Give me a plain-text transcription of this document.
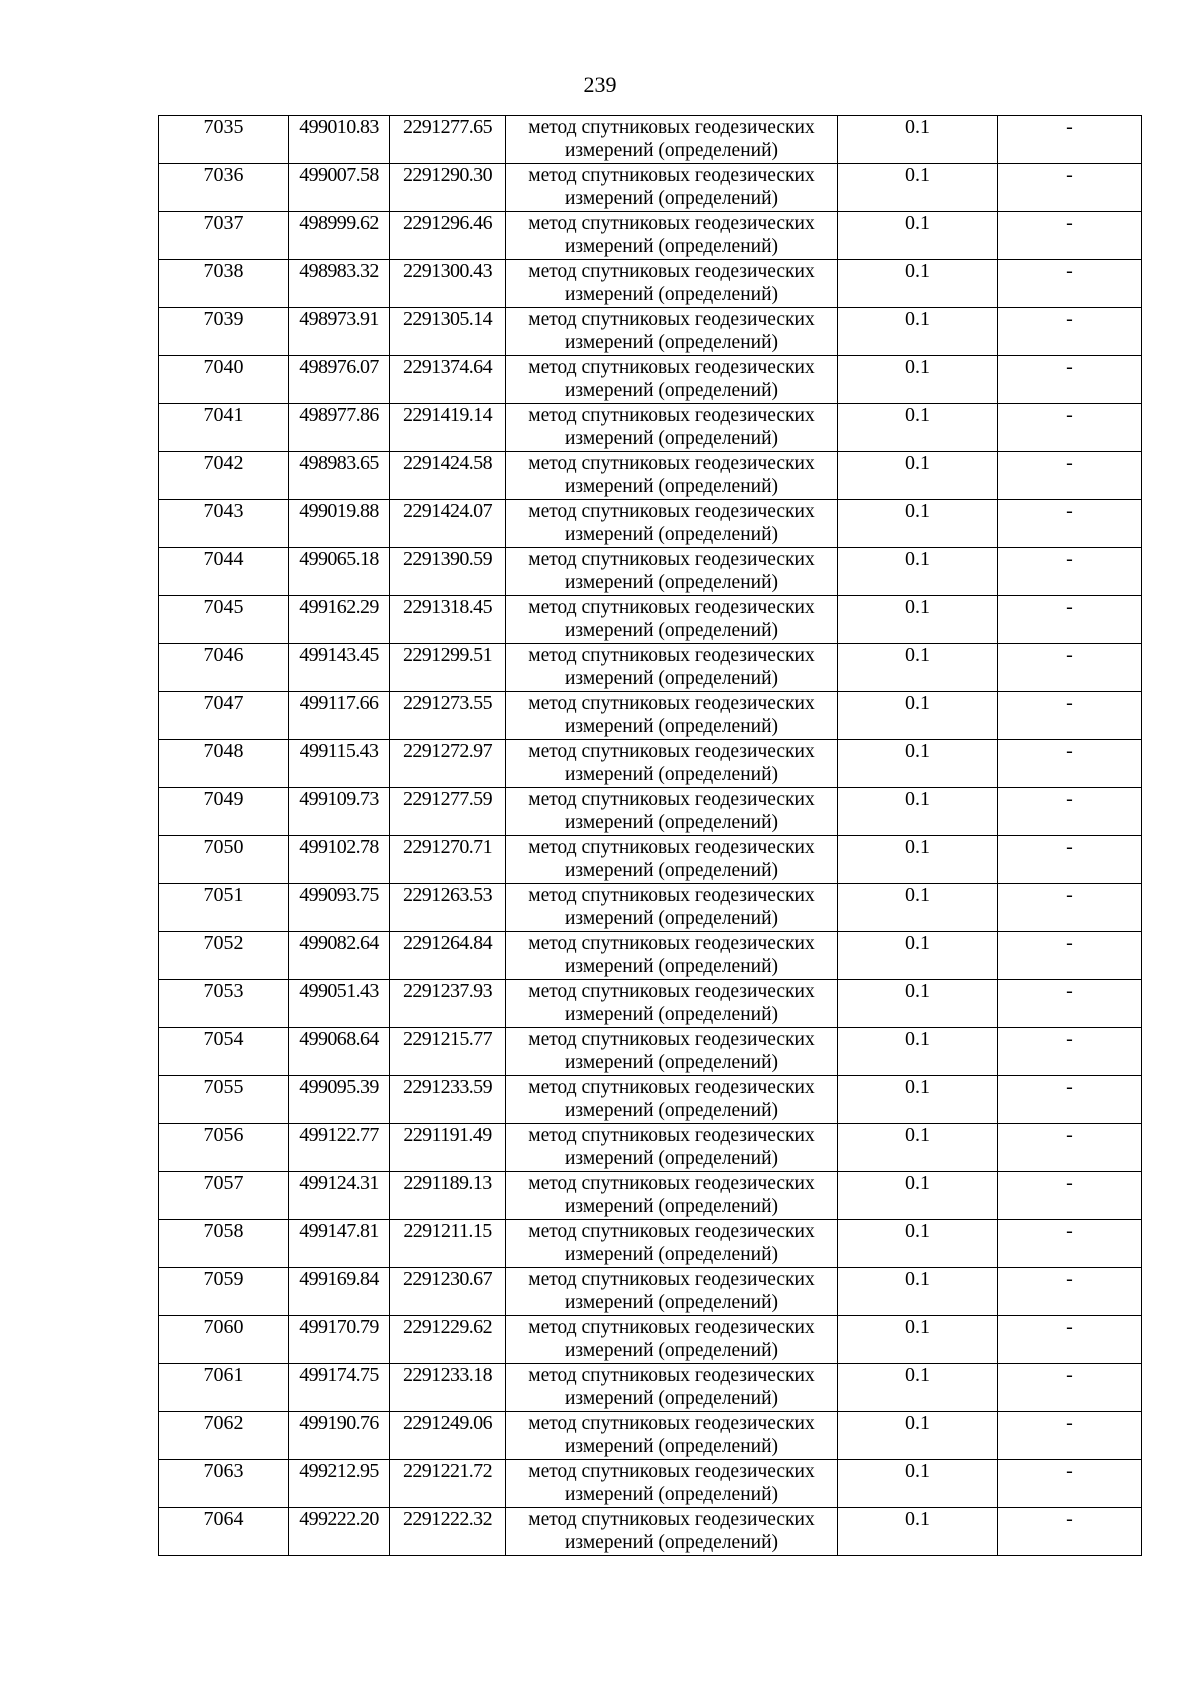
239
7035	499010.83	2291277.65	метод спутниковых геодезических
измерений (определений)	0.1	-
7036	499007.58	2291290.30	метод спутниковых геодезических
измерений (определений)	0.1	-
7037	498999.62	2291296.46	метод спутниковых геодезических
измерений (определений)	0.1	-
7038	498983.32	2291300.43	метод спутниковых геодезических
измерений (определений)	0.1	-
7039	498973.91	2291305.14	метод спутниковых геодезических
измерений (определений)	0.1	-
7040	498976.07	2291374.64	метод спутниковых геодезических
измерений (определений)	0.1	-
7041	498977.86	2291419.14	метод спутниковых геодезических
измерений (определений)	0.1	-
7042	498983.65	2291424.58	метод спутниковых геодезических
измерений (определений)	0.1	-
7043	499019.88	2291424.07	метод спутниковых геодезических
измерений (определений)	0.1	-
7044	499065.18	2291390.59	метод спутниковых геодезических
измерений (определений)	0.1	-
7045	499162.29	2291318.45	метод спутниковых геодезических
измерений (определений)	0.1	-
7046	499143.45	2291299.51	метод спутниковых геодезических
измерений (определений)	0.1	-
7047	499117.66	2291273.55	метод спутниковых геодезических
измерений (определений)	0.1	-
7048	499115.43	2291272.97	метод спутниковых геодезических
измерений (определений)	0.1	-
7049	499109.73	2291277.59	метод спутниковых геодезических
измерений (определений)	0.1	-
7050	499102.78	2291270.71	метод спутниковых геодезических
измерений (определений)	0.1	-
7051	499093.75	2291263.53	метод спутниковых геодезических
измерений (определений)	0.1	-
7052	499082.64	2291264.84	метод спутниковых геодезических
измерений (определений)	0.1	-
7053	499051.43	2291237.93	метод спутниковых геодезических
измерений (определений)	0.1	-
7054	499068.64	2291215.77	метод спутниковых геодезических
измерений (определений)	0.1	-
7055	499095.39	2291233.59	метод спутниковых геодезических
измерений (определений)	0.1	-
7056	499122.77	2291191.49	метод спутниковых геодезических
измерений (определений)	0.1	-
7057	499124.31	2291189.13	метод спутниковых геодезических
измерений (определений)	0.1	-
7058	499147.81	2291211.15	метод спутниковых геодезических
измерений (определений)	0.1	-
7059	499169.84	2291230.67	метод спутниковых геодезических
измерений (определений)	0.1	-
7060	499170.79	2291229.62	метод спутниковых геодезических
измерений (определений)	0.1	-
7061	499174.75	2291233.18	метод спутниковых геодезических
измерений (определений)	0.1	-
7062	499190.76	2291249.06	метод спутниковых геодезических
измерений (определений)	0.1	-
7063	499212.95	2291221.72	метод спутниковых геодезических
измерений (определений)	0.1	-
7064	499222.20	2291222.32	метод спутниковых геодезических
измерений (определений)	0.1	-
